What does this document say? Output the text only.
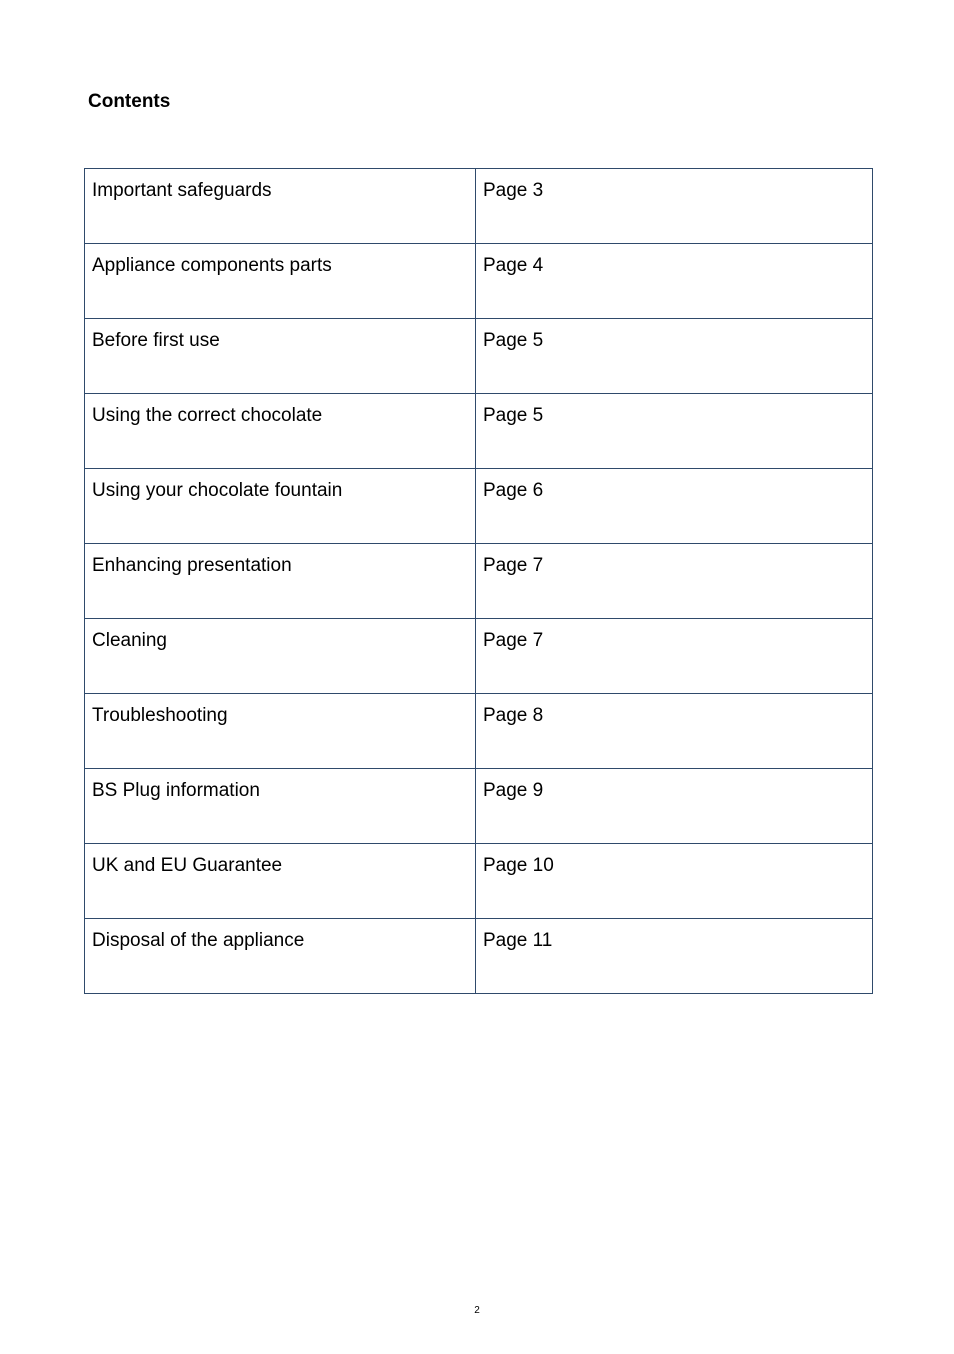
Contents
Important safeguards	Page 3
Appliance components parts	Page 4
Before first use	Page 5
Using the correct chocolate	Page 5
Using your chocolate fountain	Page 6
Enhancing presentation	Page 7
Cleaning	Page 7
Troubleshooting	Page 8
BS Plug information	Page 9
UK and EU Guarantee	Page 10
Disposal of the appliance	Page 11
2
